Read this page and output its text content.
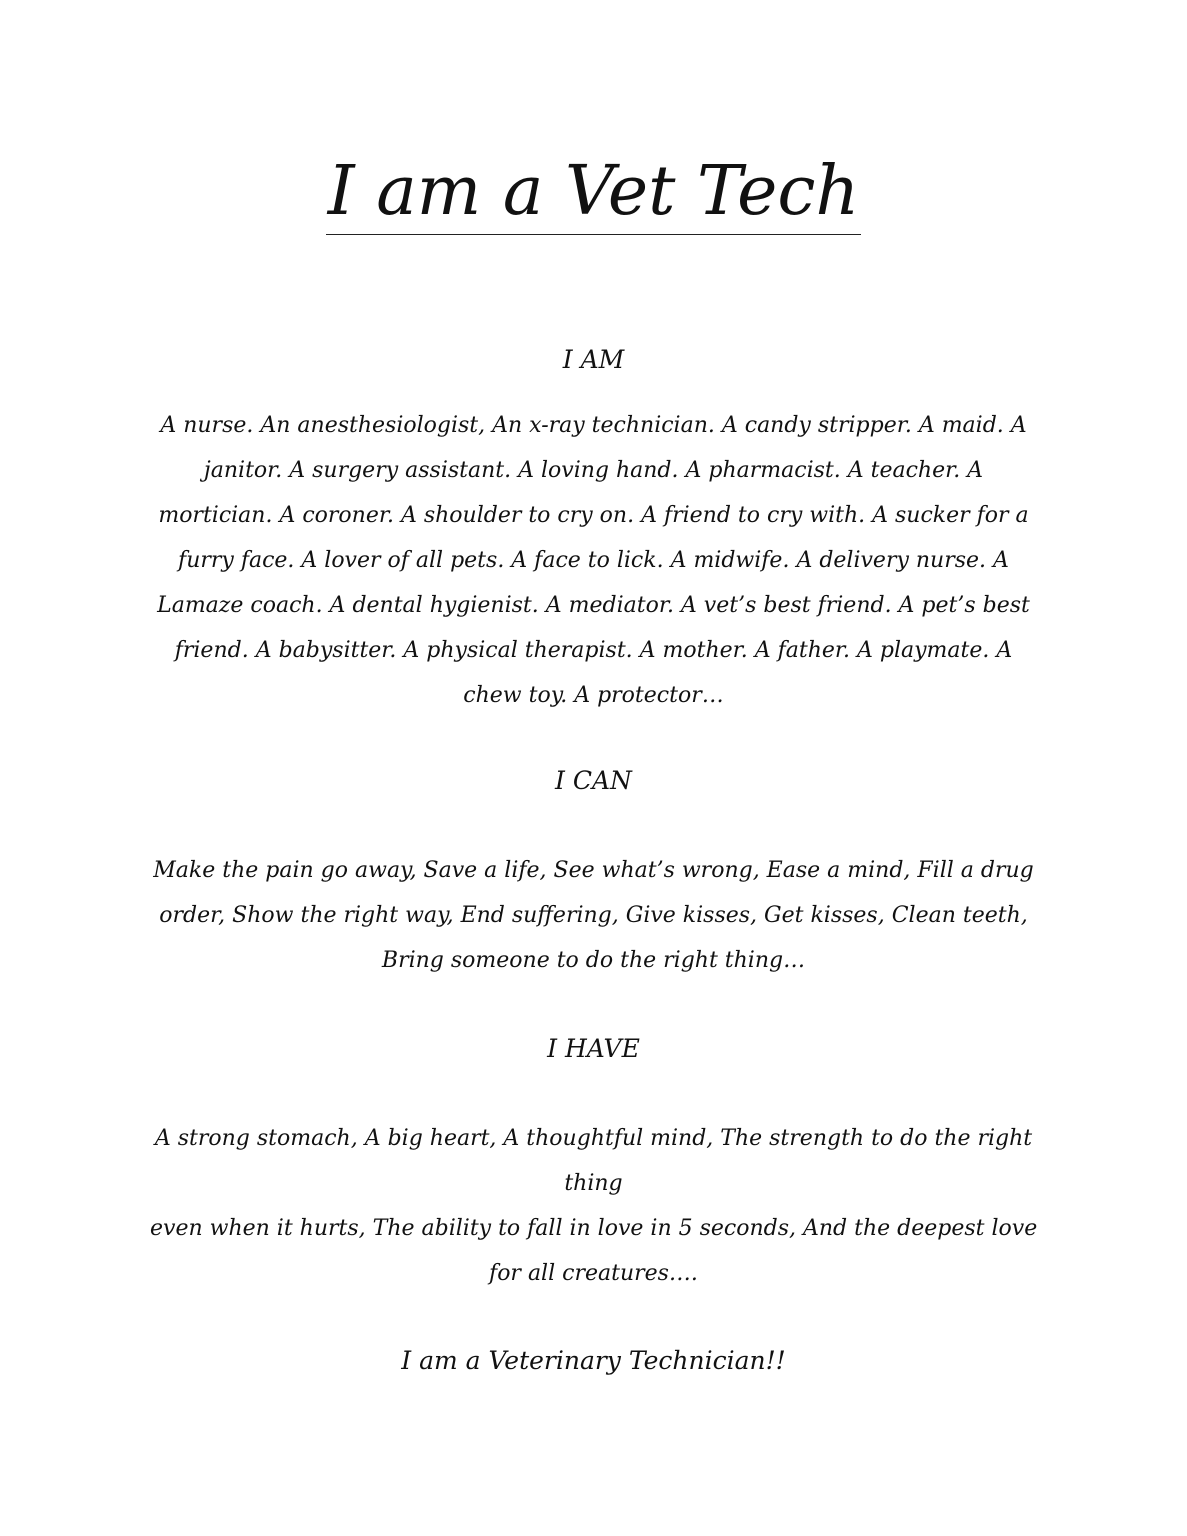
I am a Vet Tech
I AM
A nurse. An anesthesiologist, An x-ray technician. A candy stripper. A maid. A
janitor. A surgery assistant. A loving hand. A pharmacist. A teacher. A
mortician. A coroner. A shoulder to cry on. A friend to cry with. A sucker for a
furry face. A lover of all pets. A face to lick. A midwife. A delivery nurse. A
Lamaze coach. A dental hygienist. A mediator. A vet’s best friend. A pet’s best
friend. A babysitter. A physical therapist. A mother. A father. A playmate. A
chew toy. A protector…
I CAN
Make the pain go away, Save a life, See what’s wrong, Ease a mind, Fill a drug
order, Show the right way, End suffering, Give kisses, Get kisses, Clean teeth,
Bring someone to do the right thing…
I HAVE
A strong stomach, A big heart, A thoughtful mind, The strength to do the right
thing
even when it hurts, The ability to fall in love in 5 seconds, And the deepest love
for all creatures….
I am a Veterinary Technician!!
